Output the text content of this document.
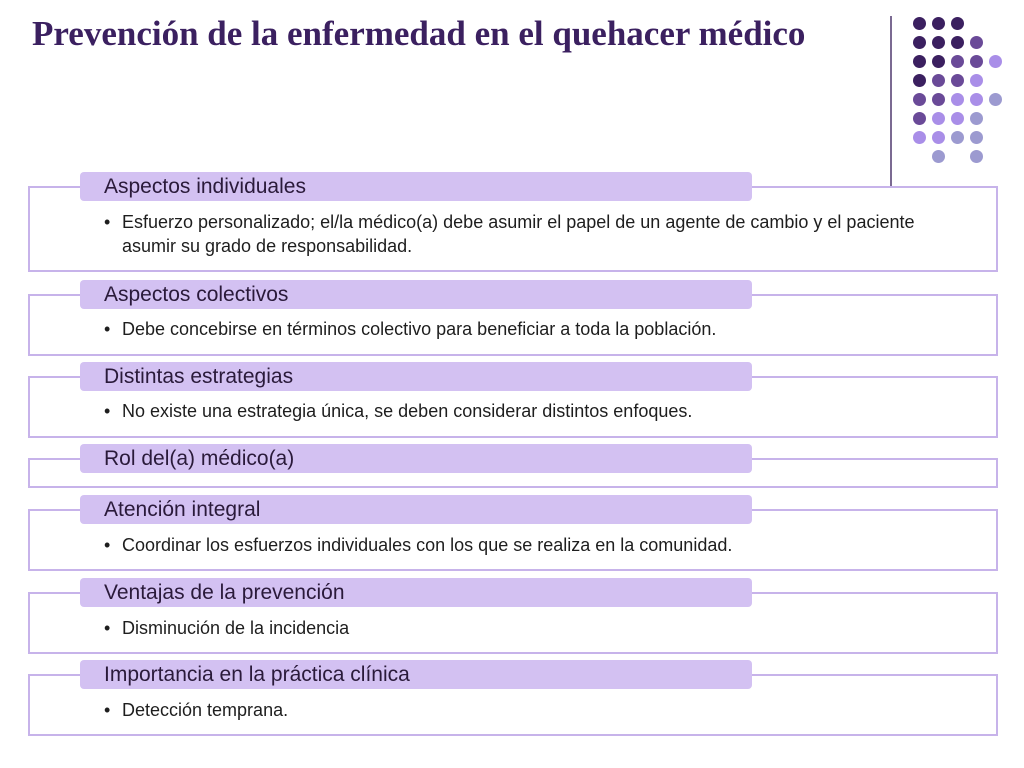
Prevención de la enfermedad en el quehacer médico
Aspectos individuales

• Esfuerzo personalizado; el/la médico(a) debe asumir el papel de un agente de cambio y el paciente asumir su grado de responsabilidad.

Aspectos colectivos

• Debe concebirse en términos colectivo para beneficiar a toda la población.

Distintas estrategias

• No existe una estrategia única, se deben considerar distintos enfoques.

Rol del(a) médico(a)
Atención integral

• Coordinar los esfuerzos individuales con los que se realiza en la comunidad.

Ventajas de la prevención

• Disminución de la incidencia

Importancia en la práctica clínica

• Detección temprana.
